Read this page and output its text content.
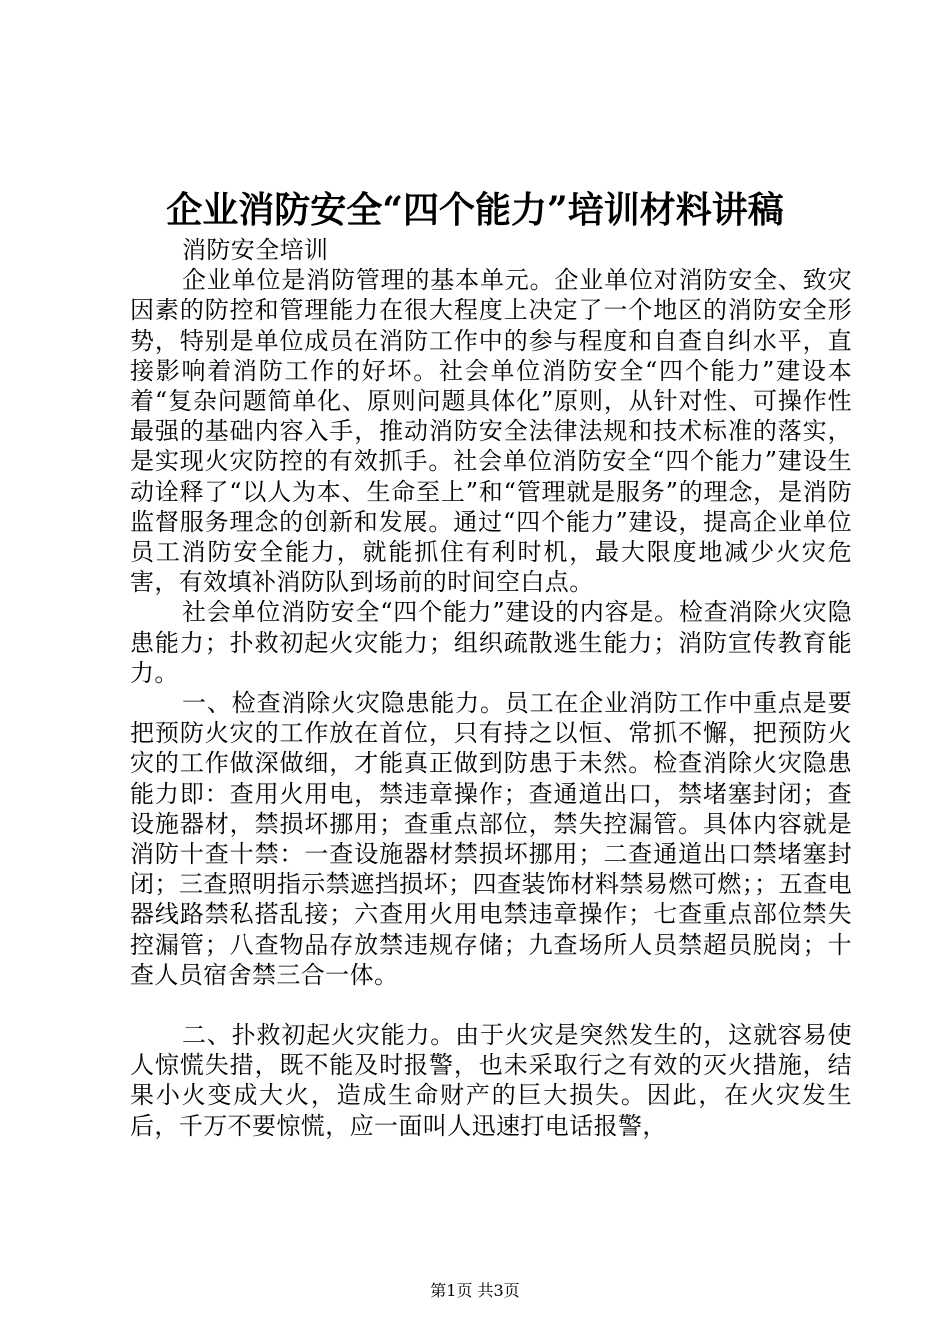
企业消防安全“四个能力”培训材料讲稿

消防安全培训

企业单位是消防管理的基本单元。企业单位对消防安全、致灾因素的防控和管理能力在很大程度上决定了一个地区的消防安全形势，特别是单位成员在消防工作中的参与程度和自查自纠水平，直接影响着消防工作的好坏。社会单位消防安全“四个能力”建设本着“复杂问题简单化、原则问题具体化”原则，从针对性、可操作性最强的基础内容入手，推动消防安全法律法规和技术标准的落实，是实现火灾防控的有效抓手。社会单位消防安全“四个能力”建设生动诠释了“以人为本、生命至上”和“管理就是服务”的理念，是消防监督服务理念的创新和发展。通过“四个能力”建设，提高企业单位员工消防安全能力，就能抓住有利时机，最大限度地减少火灾危害，有效填补消防队到场前的时间空白点。

社会单位消防安全“四个能力”建设的内容是。检查消除火灾隐患能力；扑救初起火灾能力；组织疏散逃生能力；消防宣传教育能力。

一、检查消除火灾隐患能力。员工在企业消防工作中重点是要把预防火灾的工作放在首位，只有持之以恒、常抓不懈，把预防火灾的工作做深做细，才能真正做到防患于未然。检查消除火灾隐患能力即：查用火用电，禁违章操作；查通道出口，禁堵塞封闭；查设施器材，禁损坏挪用；查重点部位，禁失控漏管。具体内容就是消防十查十禁：一查设施器材禁损坏挪用；二查通道出口禁堵塞封闭；三查照明指示禁遮挡损坏；四查装饰材料禁易燃可燃；；五查电器线路禁私搭乱接；六查用火用电禁违章操作；七查重点部位禁失控漏管；八查物品存放禁违规存储；九查场所人员禁超员脱岗；十查人员宿舍禁三合一体。

二、扑救初起火灾能力。由于火灾是突然发生的，这就容易使人惊慌失措，既不能及时报警，也未采取行之有效的灭火措施，结果小火变成大火，造成生命财产的巨大损失。因此，在火灾发生后，千万不要惊慌，应一面叫人迅速打电话报警，

第1页 共3页
